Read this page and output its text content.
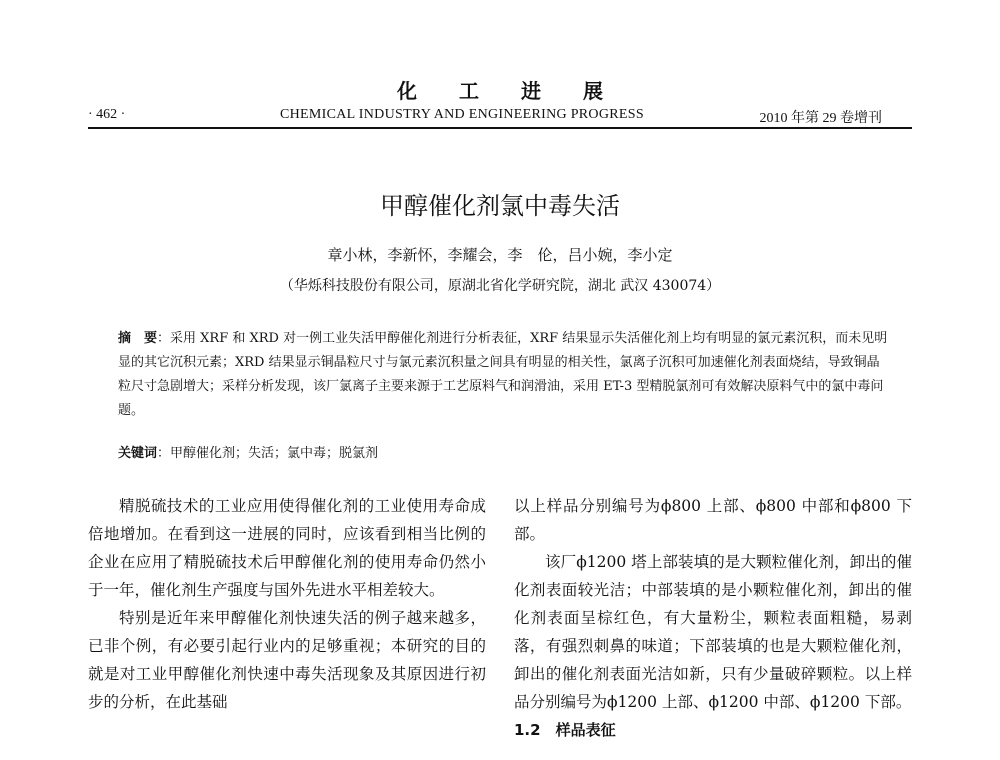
化工进展
· 462 ·	CHEMICAL INDUSTRY AND ENGINEERING PROGRESS	2010 年第 29 卷增刊
甲醇催化剂氯中毒失活
章小林，李新怀，李耀会，李　伦，吕小婉，李小定
（华烁科技股份有限公司，原湖北省化学研究院，湖北 武汉 430074）
摘　要：采用 XRF 和 XRD 对一例工业失活甲醇催化剂进行分析表征，XRF 结果显示失活催化剂上均有明显的氯元素沉积，而未见明显的其它沉积元素；XRD 结果显示铜晶粒尺寸与氯元素沉积量之间具有明显的相关性，氯离子沉积可加速催化剂表面烧结，导致铜晶粒尺寸急剧增大；采样分析发现，该厂氯离子主要来源于工艺原料气和润滑油，采用 ET-3 型精脱氯剂可有效解决原料气中的氯中毒问题。
关键词：甲醇催化剂；失活；氯中毒；脱氯剂

精脱硫技术的工业应用使得催化剂的工业使用寿命成倍地增加。在看到这一进展的同时，应该看到相当比例的企业在应用了精脱硫技术后甲醇催化剂的使用寿命仍然小于一年，催化剂生产强度与国外先进水平相差较大。

特别是近年来甲醇催化剂快速失活的例子越来越多，已非个例，有必要引起行业内的足够重视；本研究的目的就是对工业甲醇催化剂快速中毒失活现象及其原因进行初步的分析，在此基础

以上样品分别编号为ϕ800 上部、ϕ800 中部和ϕ800 下部。

该厂ϕ1200 塔上部装填的是大颗粒催化剂，卸出的催化剂表面较光洁；中部装填的是小颗粒催化剂，卸出的催化剂表面呈棕红色，有大量粉尘，颗粒表面粗糙，易剥落，有强烈刺鼻的味道；下部装填的也是大颗粒催化剂，卸出的催化剂表面光洁如新，只有少量破碎颗粒。以上样品分别编号为ϕ1200 上部、ϕ1200 中部、ϕ1200 下部。

1.2　样品表征
